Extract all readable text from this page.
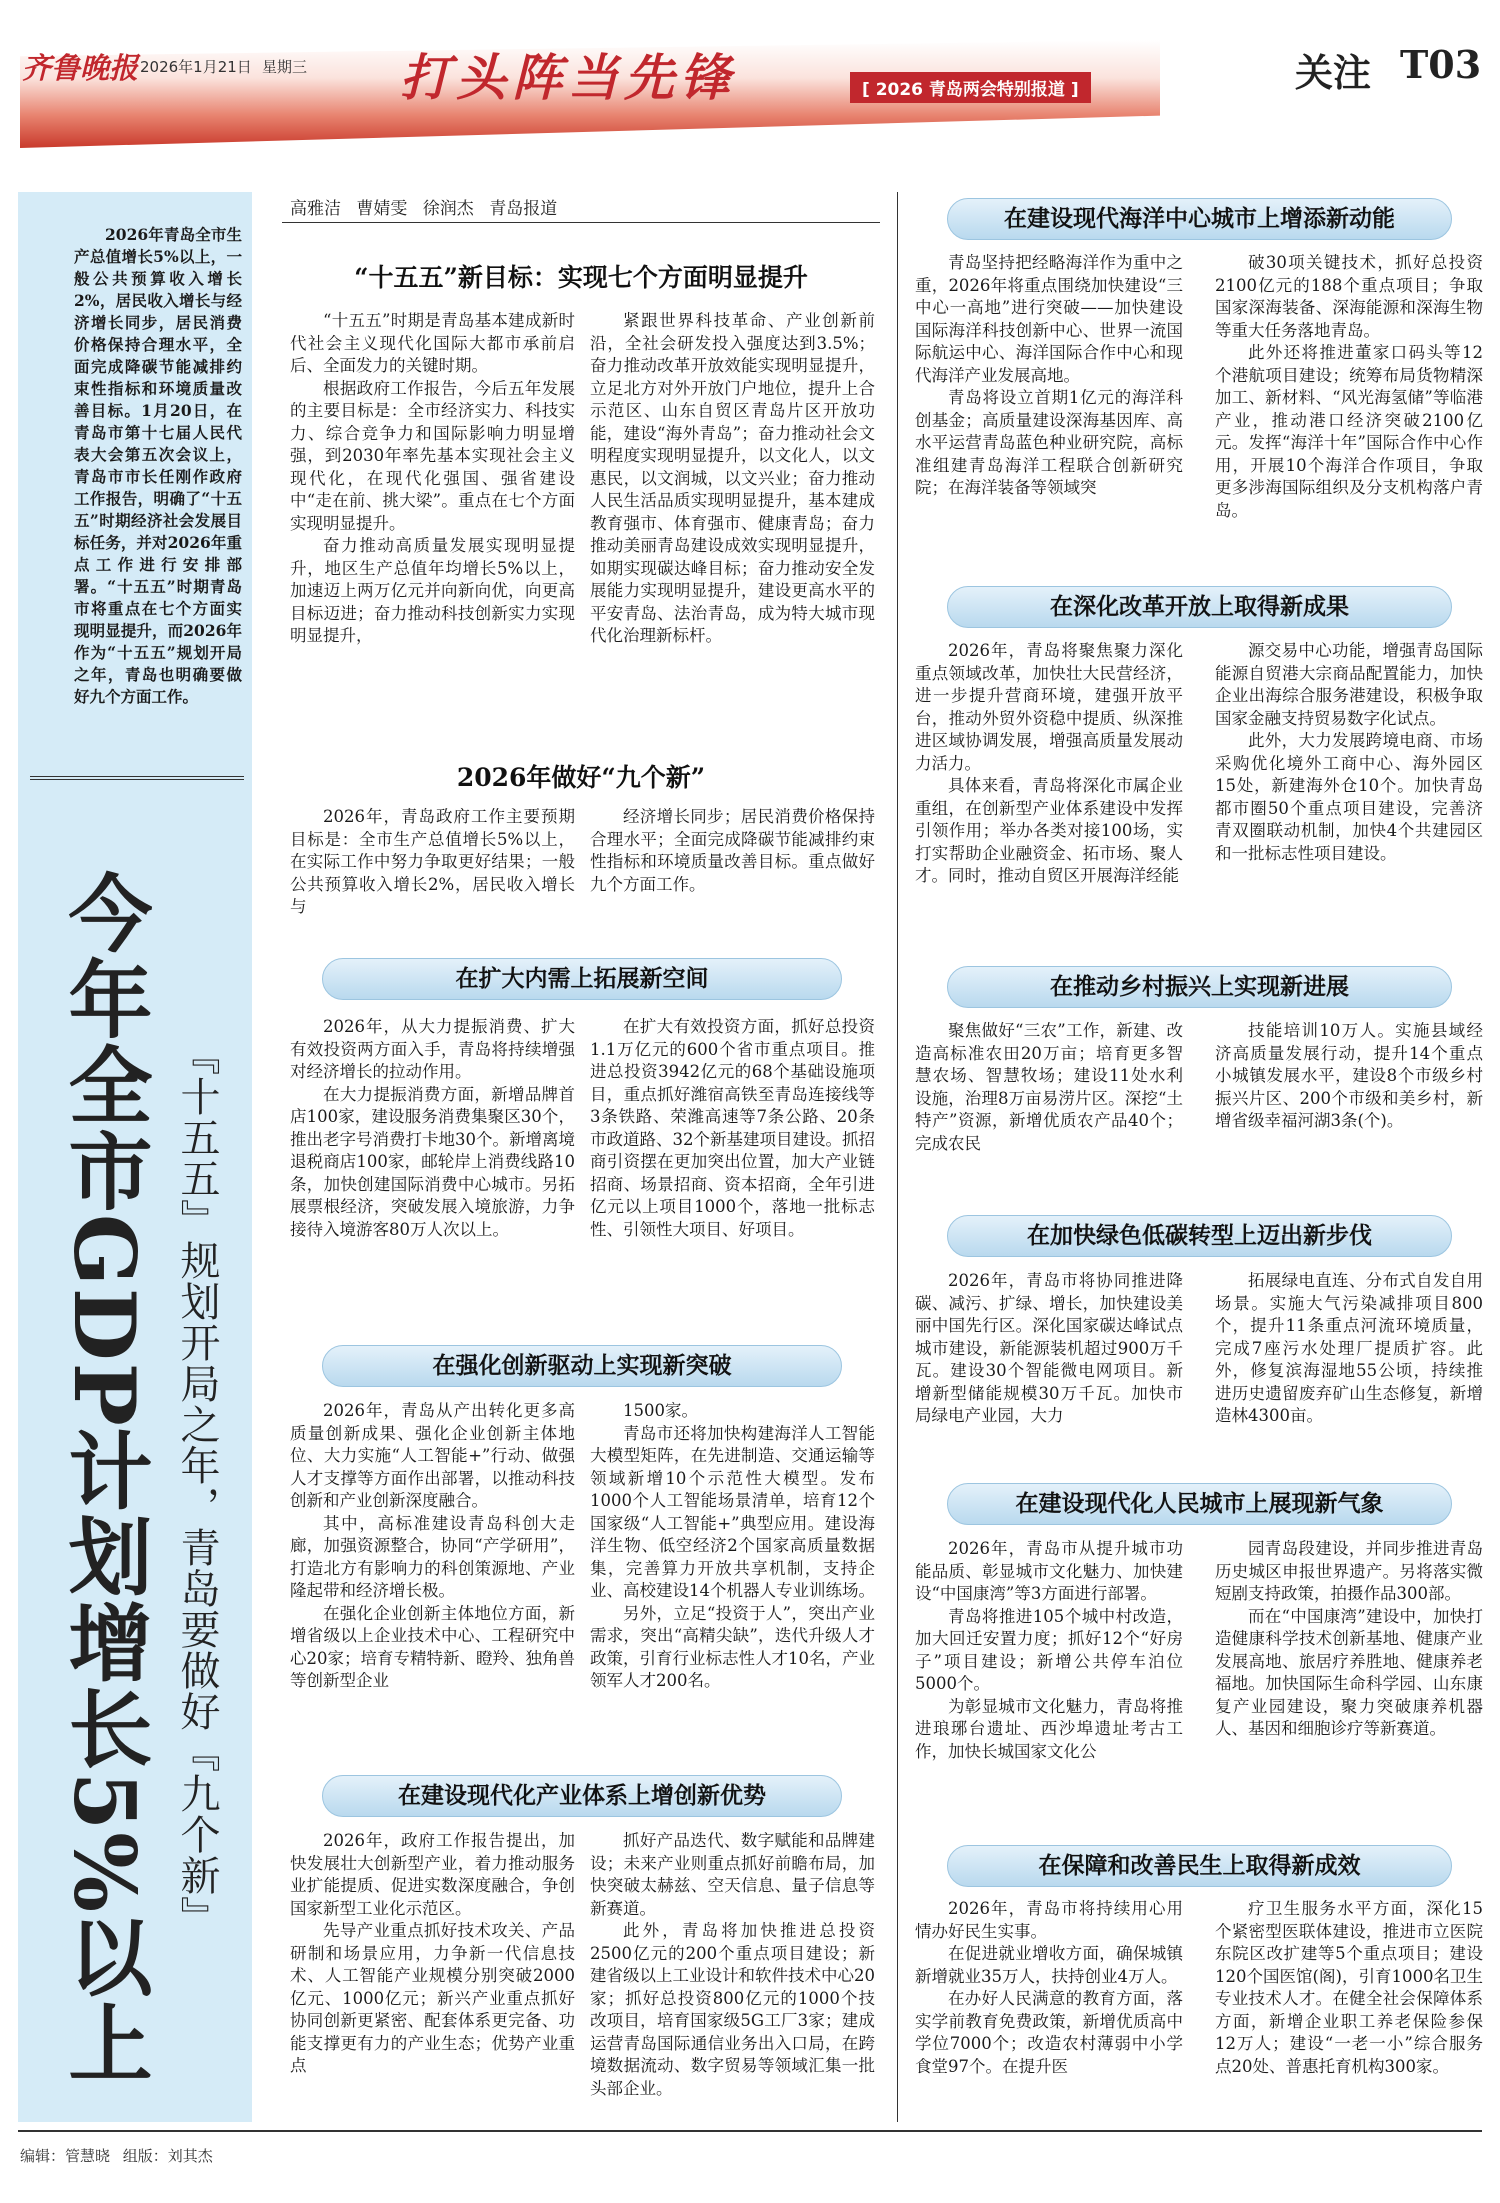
齐鲁晚报 2026年1月21日 星期三 打头阵当先锋	[ 2026 青岛两会特别报道 ]	关注 T03
2026年青岛全市生产总值增长5%以上，一般公共预算收入增长2%，居民收入增长与经济增长同步，居民消费价格保持合理水平，全面完成降碳节能减排约束性指标和环境质量改善目标。1月20日，在青岛市第十七届人民代表大会第五次会议上，青岛市市长任刚作政府工作报告，明确了“十五五”时期经济社会发展目标任务，并对2026年重点工作进行安排部署。“十五五”时期青岛市将重点在七个方面实现明显提升，而2026年作为“十五五”规划开局之年，青岛也明确要做好九个方面工作。
今年全市GDP计划增长5%以上 『十五五』规划开局之年，青岛要做好『九个新』
高雅洁 曹婧雯 徐润杰 青岛报道
“十五五”新目标：实现七个方面明显提升

“十五五”时期是青岛基本建成新时代社会主义现代化国际大都市承前启后、全面发力的关键时期。

根据政府工作报告，今后五年发展的主要目标是：全市经济实力、科技实力、综合竞争力和国际影响力明显增强，到2030年率先基本实现社会主义现代化，在现代化强国、强省建设中“走在前、挑大梁”。重点在七个方面实现明显提升。

奋力推动高质量发展实现明显提升，地区生产总值年均增长5%以上，加速迈上两万亿元并向新向优，向更高目标迈进；奋力推动科技创新实力实现明显提升，

紧跟世界科技革命、产业创新前沿，全社会研发投入强度达到3.5%；奋力推动改革开放效能实现明显提升，立足北方对外开放门户地位，提升上合示范区、山东自贸区青岛片区开放功能，建设“海外青岛”；奋力推动社会文明程度实现明显提升，以文化人，以文惠民，以文润城，以文兴业；奋力推动人民生活品质实现明显提升，基本建成教育强市、体育强市、健康青岛；奋力推动美丽青岛建设成效实现明显提升，如期实现碳达峰目标；奋力推动安全发展能力实现明显提升，建设更高水平的平安青岛、法治青岛，成为特大城市现代化治理新标杆。

2026年做好“九个新”

2026年，青岛政府工作主要预期目标是：全市生产总值增长5%以上，在实际工作中努力争取更好结果；一般公共预算收入增长2%，居民收入增长与

经济增长同步；居民消费价格保持合理水平；全面完成降碳节能减排约束性指标和环境质量改善目标。重点做好九个方面工作。

在扩大内需上拓展新空间

2026年，从大力提振消费、扩大有效投资两方面入手，青岛将持续增强对经济增长的拉动作用。

在大力提振消费方面，新增品牌首店100家，建设服务消费集聚区30个，推出老字号消费打卡地30个。新增离境退税商店100家，邮轮岸上消费线路10条，加快创建国际消费中心城市。另拓展票根经济，突破发展入境旅游，力争接待入境游客80万人次以上。

在扩大有效投资方面，抓好总投资1.1万亿元的600个省市重点项目。推进总投资3942亿元的68个基础设施项目，重点抓好潍宿高铁至青岛连接线等3条铁路、荣潍高速等7条公路、20条市政道路、32个新基建项目建设。抓招商引资摆在更加突出位置，加大产业链招商、场景招商、资本招商，全年引进亿元以上项目1000个，落地一批标志性、引领性大项目、好项目。

在强化创新驱动上实现新突破

2026年，青岛从产出转化更多高质量创新成果、强化企业创新主体地位、大力实施“人工智能+”行动、做强人才支撑等方面作出部署，以推动科技创新和产业创新深度融合。

其中，高标准建设青岛科创大走廊，加强资源整合，协同“产学研用”，打造北方有影响力的科创策源地、产业隆起带和经济增长极。

在强化企业创新主体地位方面，新增省级以上企业技术中心、工程研究中心20家；培育专精特新、瞪羚、独角兽等创新型企业

1500家。

青岛市还将加快构建海洋人工智能大模型矩阵，在先进制造、交通运输等领域新增10个示范性大模型。发布1000个人工智能场景清单，培育12个国家级“人工智能+”典型应用。建设海洋生物、低空经济2个国家高质量数据集，完善算力开放共享机制，支持企业、高校建设14个机器人专业训练场。

另外，立足“投资于人”，突出产业需求，突出“高精尖缺”，迭代升级人才政策，引育行业标志性人才10名，产业领军人才200名。

在建设现代化产业体系上增创新优势

2026年，政府工作报告提出，加快发展壮大创新型产业，着力推动服务业扩能提质、促进实数深度融合，争创国家新型工业化示范区。

先导产业重点抓好技术攻关、产品研制和场景应用，力争新一代信息技术、人工智能产业规模分别突破2000亿元、1000亿元；新兴产业重点抓好协同创新更紧密、配套体系更完备、功能支撑更有力的产业生态；优势产业重点

抓好产品迭代、数字赋能和品牌建设；未来产业则重点抓好前瞻布局，加快突破太赫兹、空天信息、量子信息等新赛道。

此外，青岛将加快推进总投资2500亿元的200个重点项目建设；新建省级以上工业设计和软件技术中心20家；抓好总投资800亿元的1000个技改项目，培育国家级5G工厂3家；建成运营青岛国际通信业务出入口局，在跨境数据流动、数字贸易等领域汇集一批头部企业。

在建设现代海洋中心城市上增添新动能

青岛坚持把经略海洋作为重中之重，2026年将重点围绕加快建设“三中心一高地”进行突破——加快建设国际海洋科技创新中心、世界一流国际航运中心、海洋国际合作中心和现代海洋产业发展高地。

青岛将设立首期1亿元的海洋科创基金；高质量建设深海基因库、高水平运营青岛蓝色种业研究院，高标准组建青岛海洋工程联合创新研究院；在海洋装备等领域突

破30项关键技术，抓好总投资2100亿元的188个重点项目；争取国家深海装备、深海能源和深海生物等重大任务落地青岛。

此外还将推进董家口码头等12个港航项目建设；统筹布局货物精深加工、新材料、“风光海氢储”等临港产业，推动港口经济突破2100亿元。发挥“海洋十年”国际合作中心作用，开展10个海洋合作项目，争取更多涉海国际组织及分支机构落户青岛。

在深化改革开放上取得新成果

2026年，青岛将聚焦聚力深化重点领域改革，加快壮大民营经济，进一步提升营商环境，建强开放平台，推动外贸外资稳中提质、纵深推进区域协调发展，增强高质量发展动力活力。

具体来看，青岛将深化市属企业重组，在创新型产业体系建设中发挥引领作用；举办各类对接100场，实打实帮助企业融资金、拓市场、聚人才。同时，推动自贸区开展海洋经能

源交易中心功能，增强青岛国际能源自贸港大宗商品配置能力，加快企业出海综合服务港建设，积极争取国家金融支持贸易数字化试点。

此外，大力发展跨境电商、市场采购优化境外工商中心、海外园区15处，新建海外仓10个。加快青岛都市圈50个重点项目建设，完善济青双圈联动机制，加快4个共建园区和一批标志性项目建设。

在推动乡村振兴上实现新进展

聚焦做好“三农”工作，新建、改造高标准农田20万亩；培育更多智慧农场、智慧牧场；建设11处水利设施，治理8万亩易涝片区。深挖“土特产”资源，新增优质农产品40个；完成农民

技能培训10万人。实施县域经济高质量发展行动，提升14个重点小城镇发展水平，建设8个市级乡村振兴片区、200个市级和美乡村，新增省级幸福河湖3条(个)。

在加快绿色低碳转型上迈出新步伐

2026年，青岛市将协同推进降碳、减污、扩绿、增长，加快建设美丽中国先行区。深化国家碳达峰试点城市建设，新能源装机超过900万千瓦。建设30个智能微电网项目。新增新型储能规模30万千瓦。加快市局绿电产业园，大力

拓展绿电直连、分布式自发自用场景。实施大气污染减排项目800个，提升11条重点河流环境质量，完成7座污水处理厂提质扩容。此外，修复滨海湿地55公顷，持续推进历史遗留废弃矿山生态修复，新增造林4300亩。

在建设现代化人民城市上展现新气象

2026年，青岛市从提升城市功能品质、彰显城市文化魅力、加快建设“中国康湾”等3方面进行部署。

青岛将推进105个城中村改造，加大回迁安置力度；抓好12个“好房子”项目建设；新增公共停车泊位5000个。

为彰显城市文化魅力，青岛将推进琅琊台遗址、西沙埠遗址考古工作，加快长城国家文化公

园青岛段建设，并同步推进青岛历史城区申报世界遗产。另将落实微短剧支持政策，拍摄作品300部。

而在“中国康湾”建设中，加快打造健康科学技术创新基地、健康产业发展高地、旅居疗养胜地、健康养老福地。加快国际生命科学园、山东康复产业园建设，聚力突破康养机器人、基因和细胞诊疗等新赛道。

在保障和改善民生上取得新成效

2026年，青岛市将持续用心用情办好民生实事。

在促进就业增收方面，确保城镇新增就业35万人，扶持创业4万人。

在办好人民满意的教育方面，落实学前教育免费政策，新增优质高中学位7000个；改造农村薄弱中小学食堂97个。在提升医

疗卫生服务水平方面，深化15个紧密型医联体建设，推进市立医院东院区改扩建等5个重点项目；建设120个国医馆(阁)，引育1000名卫生专业技术人才。在健全社会保障体系方面，新增企业职工养老保险参保12万人；建设“一老一小”综合服务点20处、普惠托育机构300家。

编辑：管慧晓 组版：刘其杰
